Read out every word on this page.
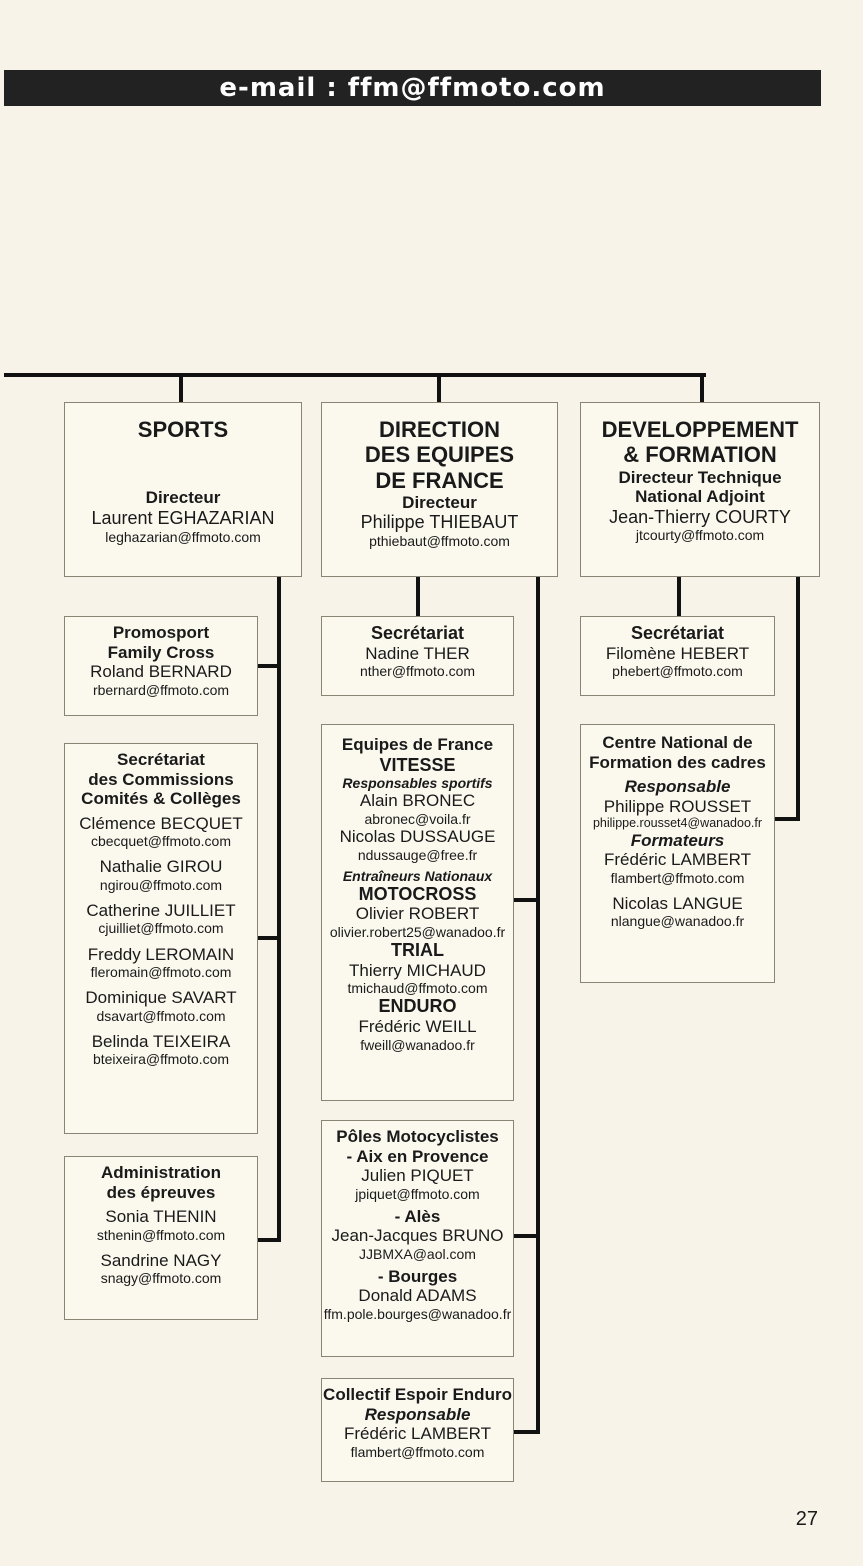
e-mail : ffm@ffmoto.com
SPORTS
Directeur
Laurent EGHAZARIAN
leghazarian@ffmoto.com
Promosport
Family Cross
Roland BERNARD
rbernard@ffmoto.com
Secrétariat
des Commissions
Comités & Collèges
Clémence BECQUET
cbecquet@ffmoto.com
Nathalie GIROU
ngirou@ffmoto.com
Catherine JUILLIET
cjuilliet@ffmoto.com
Freddy LEROMAIN
fleromain@ffmoto.com
Dominique SAVART
dsavart@ffmoto.com
Belinda TEIXEIRA
bteixeira@ffmoto.com
Administration
des épreuves
Sonia THENIN
sthenin@ffmoto.com
Sandrine NAGY
snagy@ffmoto.com
DIRECTION
DES EQUIPES
DE FRANCE
Directeur
Philippe THIEBAUT
pthiebaut@ffmoto.com
Secrétariat
Nadine THER
nther@ffmoto.com
Equipes de France
VITESSE
Responsables sportifs
Alain BRONEC
abronec@voila.fr
Nicolas DUSSAUGE
ndussauge@free.fr
Entraîneurs Nationaux
MOTOCROSS
Olivier ROBERT
olivier.robert25@wanadoo.fr
TRIAL
Thierry MICHAUD
tmichaud@ffmoto.com
ENDURO
Frédéric WEILL
fweill@wanadoo.fr
Pôles Motocyclistes
- Aix en Provence
Julien PIQUET
jpiquet@ffmoto.com
- Alès
Jean-Jacques BRUNO
JJBMXA@aol.com
- Bourges
Donald ADAMS
ffm.pole.bourges@wanadoo.fr
Collectif Espoir Enduro
Responsable
Frédéric LAMBERT
flambert@ffmoto.com
DEVELOPPEMENT
& FORMATION
Directeur Technique
National Adjoint
Jean-Thierry COURTY
jtcourty@ffmoto.com
Secrétariat
Filomène HEBERT
phebert@ffmoto.com
Centre National de
Formation des cadres
Responsable
Philippe ROUSSET
philippe.rousset4@wanadoo.fr
Formateurs
Frédéric LAMBERT
flambert@ffmoto.com
Nicolas LANGUE
nlangue@wanadoo.fr
27
